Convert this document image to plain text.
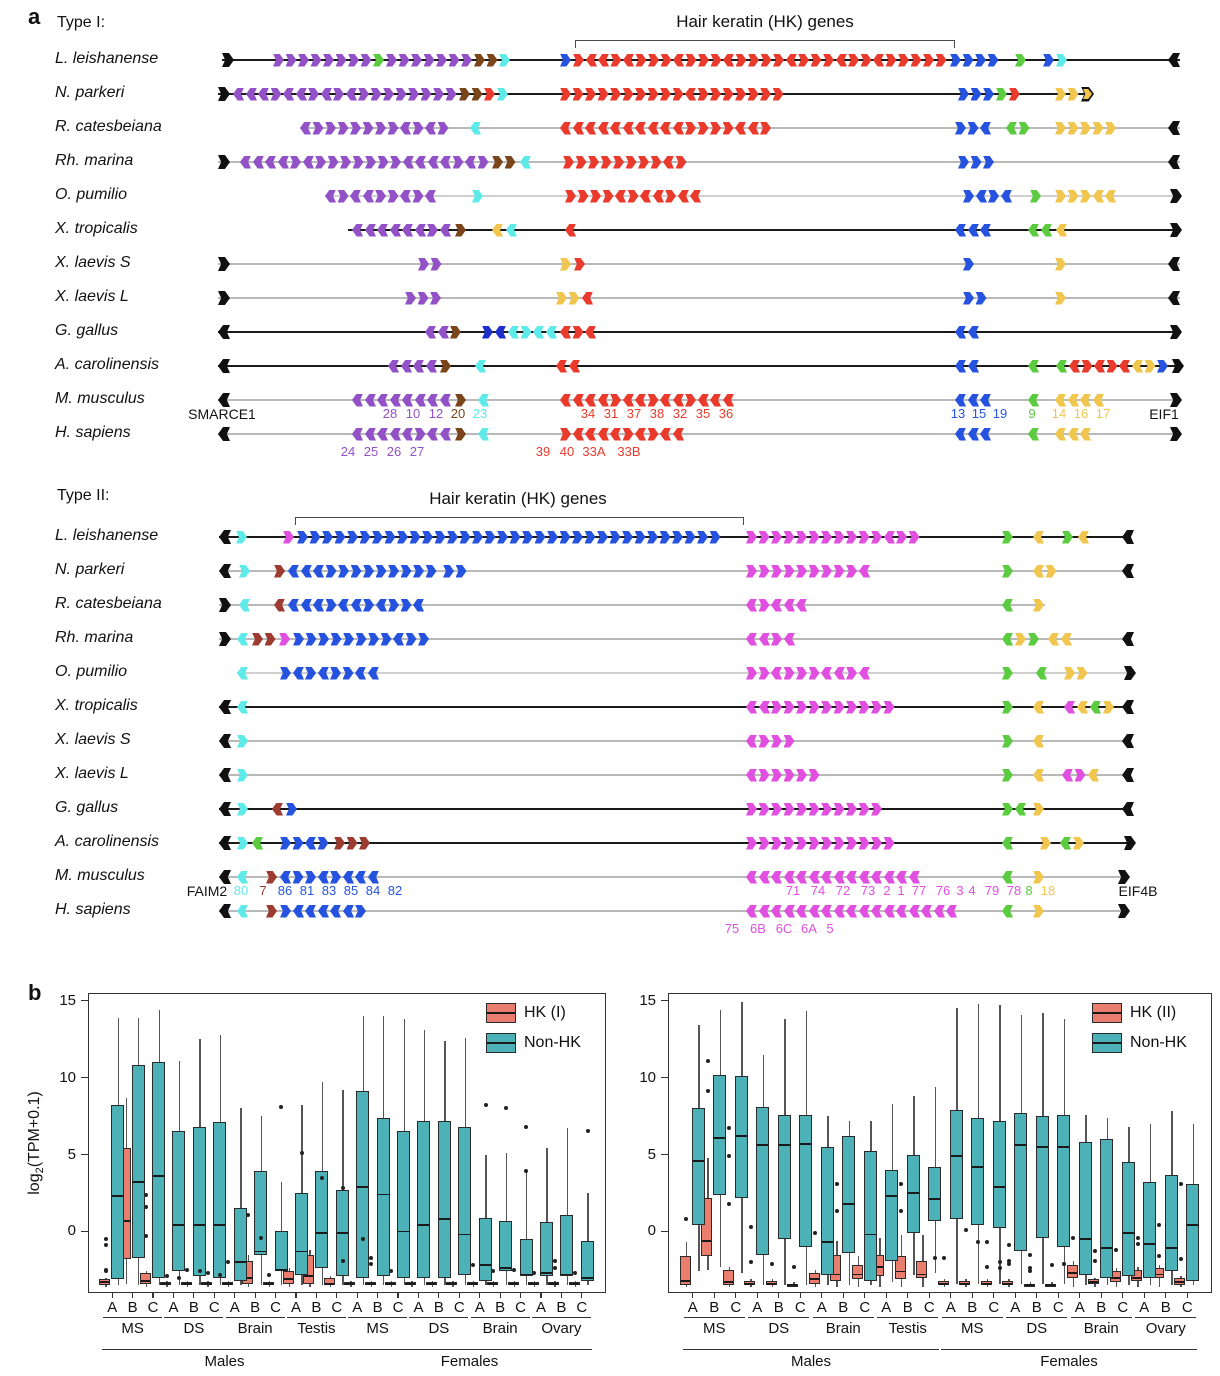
a
b
$\log_2(TPM+0.1)$
Type I:	Hair keratin (HK) genes
L. leishanense
N. parkeri
R. catesbeiana
Rh. marina
O. pumilio
X. tropicalis
X. laevis S
X. laevis L
G. gallus
A. carolinensis
M. musculus
H. sapiens
SMARCE1	28 10 12 20 23	34 31 37 38 32 35 36	13 15 19 9 14 16 17	EIF1
24 25 26 27	39 40 33A 33B
Type II:	Hair keratin (HK) genes
L. leishanense
N. parkeri
R. catesbeiana
Rh. marina
O. pumilio
X. tropicalis
X. laevis S
X. laevis L
G. gallus
A. carolinensis
M. musculus
H. sapiens
FAIM2 80 7 86 81 83 85 84 82	71 74 72 73 2 1 77 76 3 4 79 78 8 18	EIF4B
75 6B 6C 6A 5
0
5
10
15
A B C A B C A B C A B C A B C A B C A B C A B C
MS	DS Brain Testis MS	DS Brain Ovary
Males	Females
HK (I)
Non-HK
0
5
10
15
A B C A B C A B C A B C A B C A B C A B C A B C
MS	DS Brain Testis MS	DS Brain Ovary
Males	Females
HK (II)
Non-HK
